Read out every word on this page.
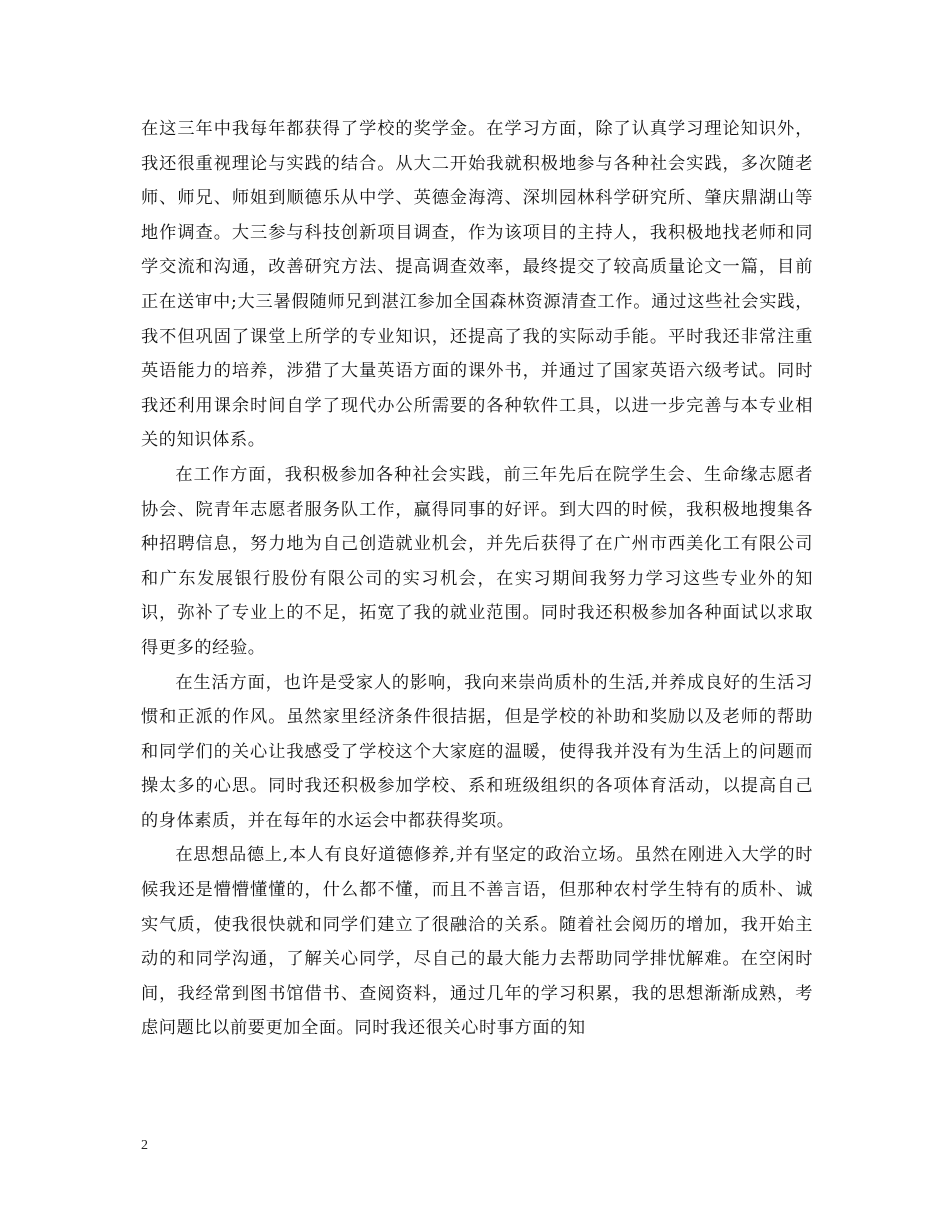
在这三年中我每年都获得了学校的奖学金。在学习方面，除了认真学习理论知识外，我还很重视理论与实践的结合。从大二开始我就积极地参与各种社会实践，多次随老师、师兄、师姐到顺德乐从中学、英德金海湾、深圳园林科学研究所、肇庆鼎湖山等地作调查。大三参与科技创新项目调查，作为该项目的主持人，我积极地找老师和同学交流和沟通，改善研究方法、提高调查效率，最终提交了较高质量论文一篇，目前正在送审中;大三暑假随师兄到湛江参加全国森林资源清查工作。通过这些社会实践，我不但巩固了课堂上所学的专业知识，还提高了我的实际动手能。平时我还非常注重英语能力的培养，涉猎了大量英语方面的课外书，并通过了国家英语六级考试。同时我还利用课余时间自学了现代办公所需要的各种软件工具，以进一步完善与本专业相关的知识体系。

在工作方面，我积极参加各种社会实践，前三年先后在院学生会、生命缘志愿者协会、院青年志愿者服务队工作，赢得同事的好评。到大四的时候，我积极地搜集各种招聘信息，努力地为自己创造就业机会，并先后获得了在广州市西美化工有限公司和广东发展银行股份有限公司的实习机会，在实习期间我努力学习这些专业外的知识，弥补了专业上的不足，拓宽了我的就业范围。同时我还积极参加各种面试以求取得更多的经验。

在生活方面，也许是受家人的影响，我向来崇尚质朴的生活,并养成良好的生活习惯和正派的作风。虽然家里经济条件很拮据，但是学校的补助和奖励以及老师的帮助和同学们的关心让我感受了学校这个大家庭的温暖，使得我并没有为生活上的问题而操太多的心思。同时我还积极参加学校、系和班级组织的各项体育活动，以提高自己的身体素质，并在每年的水运会中都获得奖项。

在思想品德上,本人有良好道德修养,并有坚定的政治立场。虽然在刚进入大学的时候我还是懵懵懂懂的，什么都不懂，而且不善言语，但那种农村学生特有的质朴、诚实气质，使我很快就和同学们建立了很融洽的关系。随着社会阅历的增加，我开始主动的和同学沟通，了解关心同学，尽自己的最大能力去帮助同学排忧解难。在空闲时间，我经常到图书馆借书、查阅资料，通过几年的学习积累，我的思想渐渐成熟，考虑问题比以前要更加全面。同时我还很关心时事方面的知

2
